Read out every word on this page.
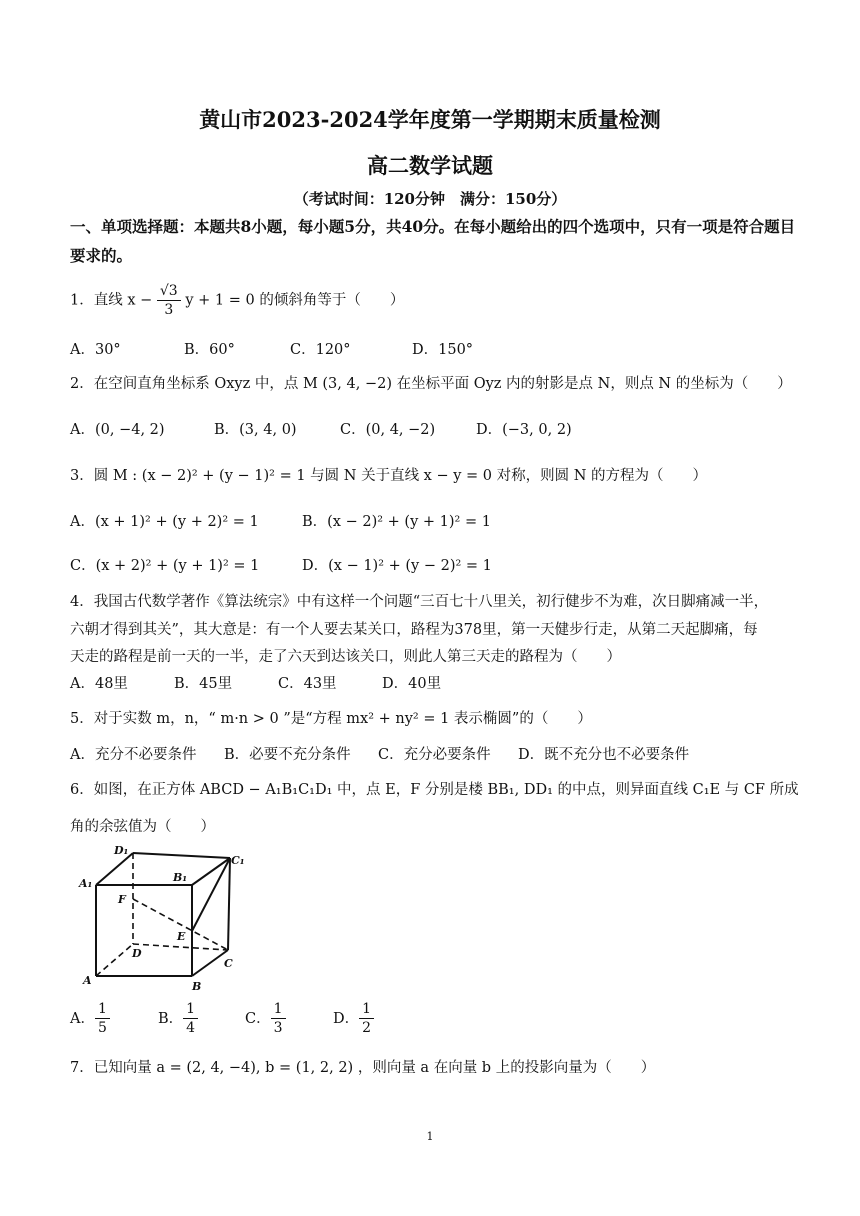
黄山市2023-2024学年度第一学期期末质量检测
高二数学试题
（考试时间：120分钟　满分：150分）
一、单项选择题：本题共8小题，每小题5分，共40分。在每小题给出的四个选项中，只有一项是符合题目要求的。
1．直线 $x - \frac{√3}{3}$ y + 1 = 0 的倾斜角等于（　　）
A．30°	B．60°	C．120°	D．150°
2．在空间直角坐标系 Oxyz 中，点 M (3, 4, −2) 在坐标平面 Oyz 内的射影是点 N，则点 N 的坐标为（　　）
A．(0, −4, 2)	B．(3, 4, 0)	C．(0, 4, −2)	D．(−3, 0, 2)
3．圆 M : (x − 2)² + (y − 1)² = 1 与圆 N 关于直线 x − y = 0 对称，则圆 N 的方程为（　　）
A．(x + 1)² + (y + 2)² = 1	B．(x − 2)² + (y + 1)² = 1
C．(x + 2)² + (y + 1)² = 1	D．(x − 1)² + (y − 2)² = 1
4．我国古代数学著作《算法统宗》中有这样一个问题“三百七十八里关，初行健步不为难，次日脚痛减一半，
六朝才得到其关”，其大意是：有一个人要去某关口，路程为378里，第一天健步行走，从第二天起脚痛，每
天走的路程是前一天的一半，走了六天到达该关口，则此人第三天走的路程为（　　）
A．48里	B．45里	C．43里	D．40里
5．对于实数 m，n，“ m·n > 0 ”是“方程 mx² + ny² = 1 表示椭圆”的（　　）
A．充分不必要条件 B．必要不充分条件 C．充分必要条件 D．既不充分也不必要条件
6．如图，在正方体 ABCD − A₁B₁C₁D₁ 中，点 E，F 分别是楼 BB₁, DD₁ 的中点，则异面直线 C₁E 与 CF 所成
角的余弦值为（　　）
D₁
C₁
A₁	B₁
F
E
D
C
A	B
A． $\frac{1}{5}$	B． $\frac{1}{4}$	C． $\frac{1}{3}$	D． $\frac{1}{2}$
7．已知向量 a = (2, 4, −4), b = (1, 2, 2) ，则向量 a 在向量 b 上的投影向量为（　　）
1
